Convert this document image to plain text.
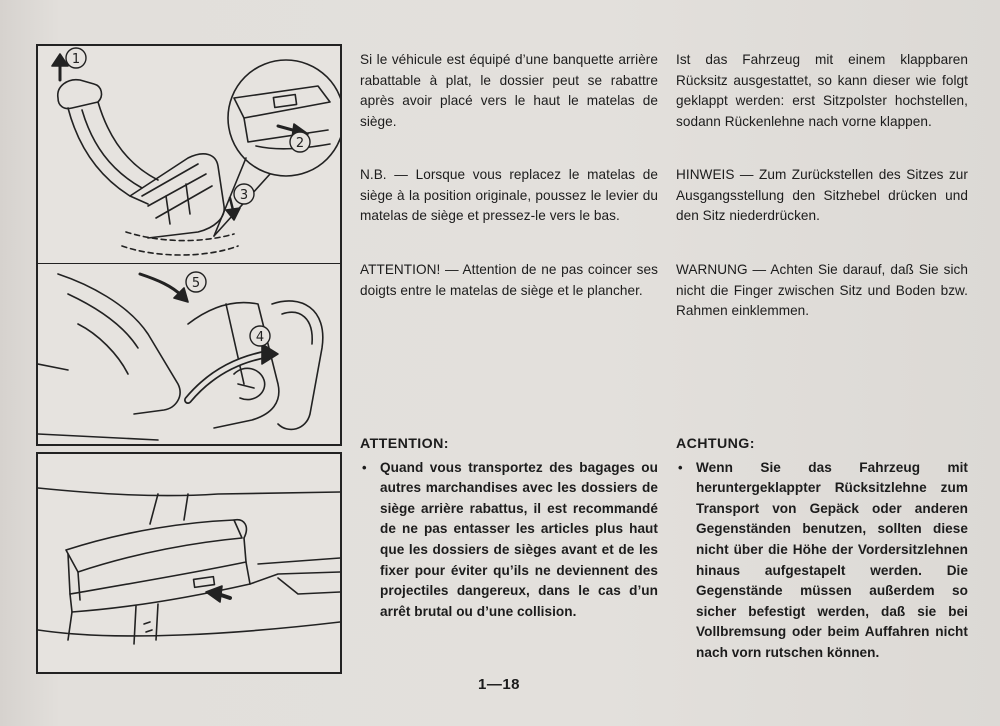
1
2
3
5
4

Si le véhicule est équipé d’une banquette arrière rabattable à plat, le dossier peut se rabattre après avoir placé vers le haut le matelas de siège.

N.B. — Lorsque vous replacez le matelas de siège à la position originale, poussez le levier du matelas de siège et pressez-le vers le bas.

ATTENTION! — Attention de ne pas coincer ses doigts entre le matelas de siège et le plancher.

ATTENTION:

• Quand vous transportez des bagages ou autres marchandises avec les dossiers de siège arrière rabattus, il est recommandé de ne pas entasser les articles plus haut que les dossiers de sièges avant et de les fixer pour éviter qu’ils ne deviennent des projectiles dangereux, dans le cas d’un arrêt brutal ou d’une collision.

Ist das Fahrzeug mit einem klappbaren Rücksitz ausgestattet, so kann dieser wie folgt geklappt werden: erst Sitzpolster hochstellen, sodann Rückenlehne nach vorne klappen.

HINWEIS — Zum Zurückstellen des Sitzes zur Ausgangsstellung den Sitzhebel drücken und den Sitz niederdrücken.

WARNUNG — Achten Sie darauf, daß Sie sich nicht die Finger zwischen Sitz und Boden bzw. Rahmen einklemmen.

ACHTUNG:

• Wenn Sie das Fahrzeug mit heruntergeklappter Rücksitzlehne zum Transport von Gepäck oder anderen Gegenständen benutzen, sollten diese nicht über die Höhe der Vordersitzlehnen hinaus aufgestapelt werden. Die Gegenstände müssen außerdem so sicher befestigt werden, daß sie bei Vollbremsung oder beim Auffahren nicht nach vorn rutschen können.

1—18
